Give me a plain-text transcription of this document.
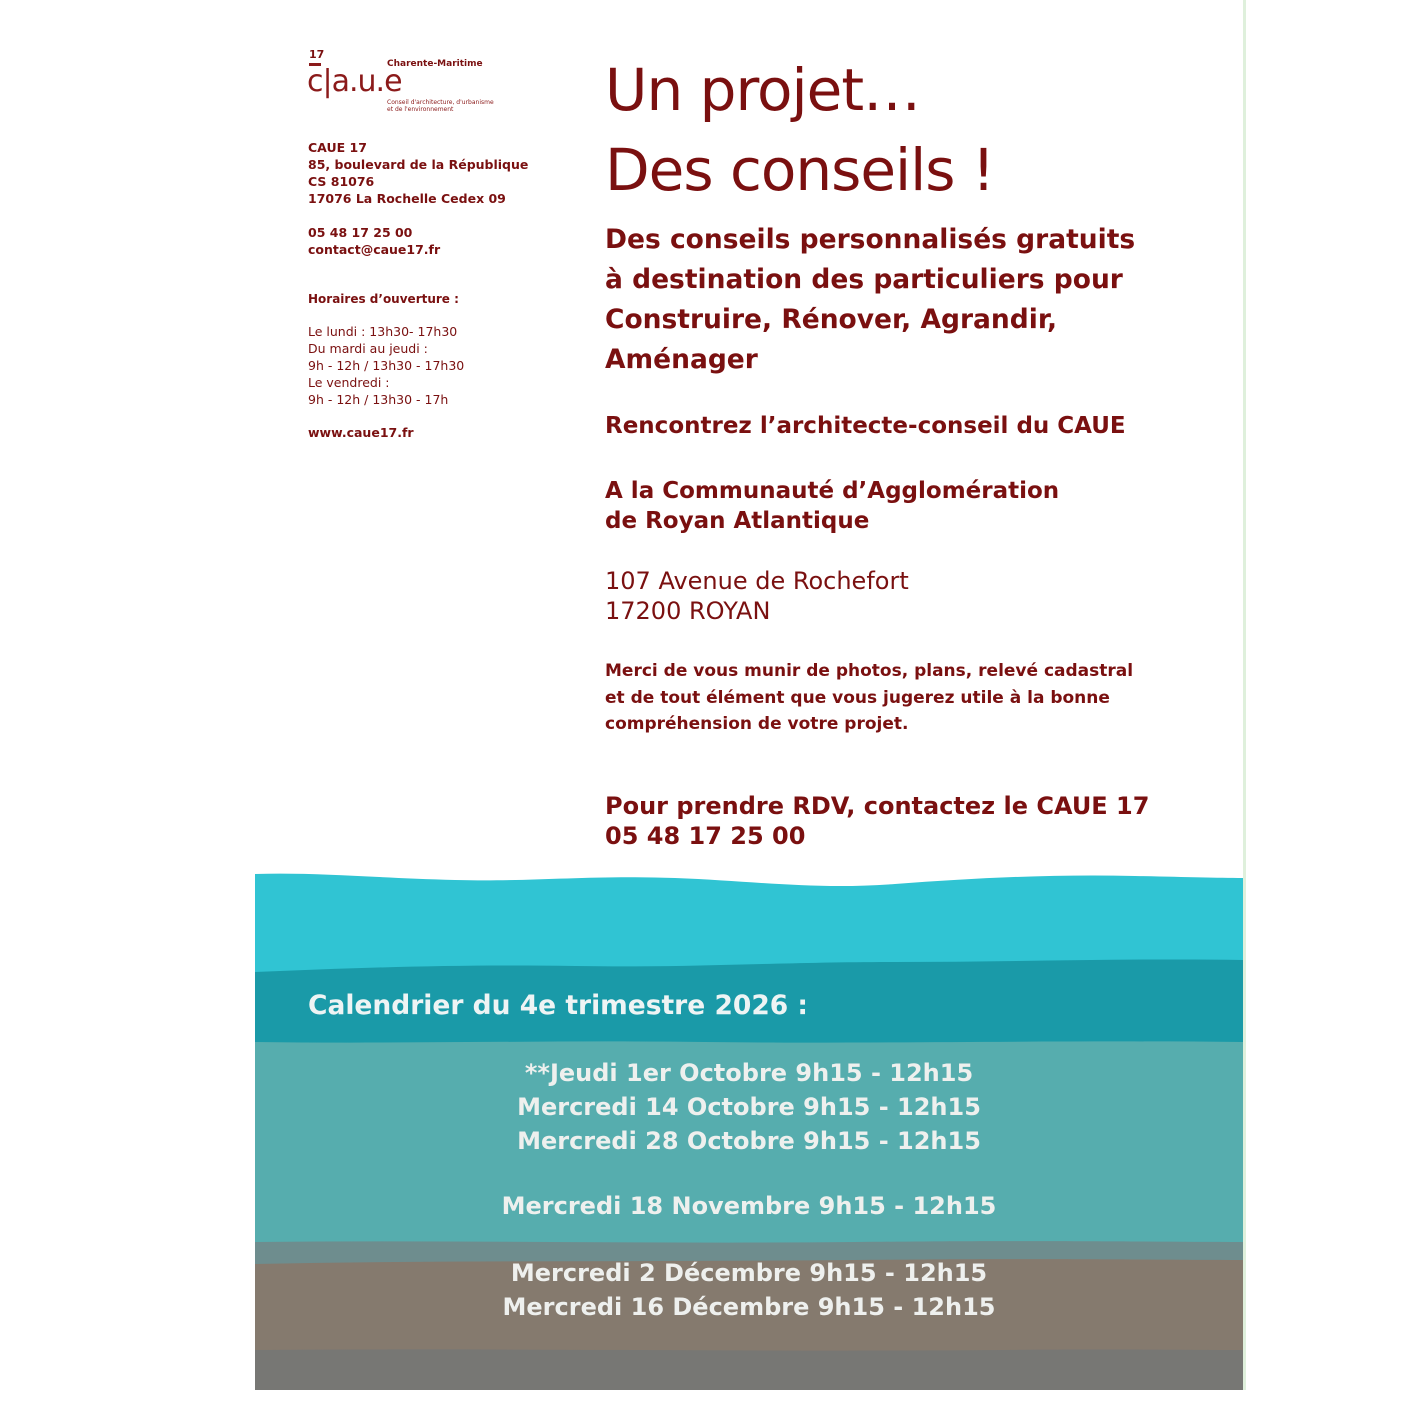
17
Charente-Maritime
c|a.u.e
Conseil d'architecture, d'urbanisme
et de l'environnement
CAUE 17
85, boulevard de la République
CS 81076
17076 La Rochelle Cedex 09
05 48 17 25 00
contact@caue17.fr
Horaires d’ouverture :
Le lundi : 13h30- 17h30
Du mardi au jeudi :
9h - 12h / 13h30 - 17h30
Le vendredi :
9h - 12h / 13h30 - 17h
www.caue17.fr
Un projet…
Des conseils !
Des conseils personnalisés gratuits
à destination des particuliers pour
Construire, Rénover, Agrandir,
Aménager
Rencontrez l’architecte-conseil du CAUE
A la Communauté d’Agglomération
de Royan Atlantique
107 Avenue de Rochefort
17200 ROYAN
Merci de vous munir de photos, plans, relevé cadastral
et de tout élément que vous jugerez utile à la bonne
compréhension de votre projet.
Pour prendre RDV, contactez le CAUE 17
05 48 17 25 00
Calendrier du 4e trimestre 2026 :
**Jeudi 1er Octobre 9h15 - 12h15
Mercredi 14 Octobre 9h15 - 12h15
Mercredi 28 Octobre 9h15 - 12h15
Mercredi 18 Novembre 9h15 - 12h15
Mercredi 2 Décembre 9h15 - 12h15
Mercredi 16 Décembre 9h15 - 12h15
